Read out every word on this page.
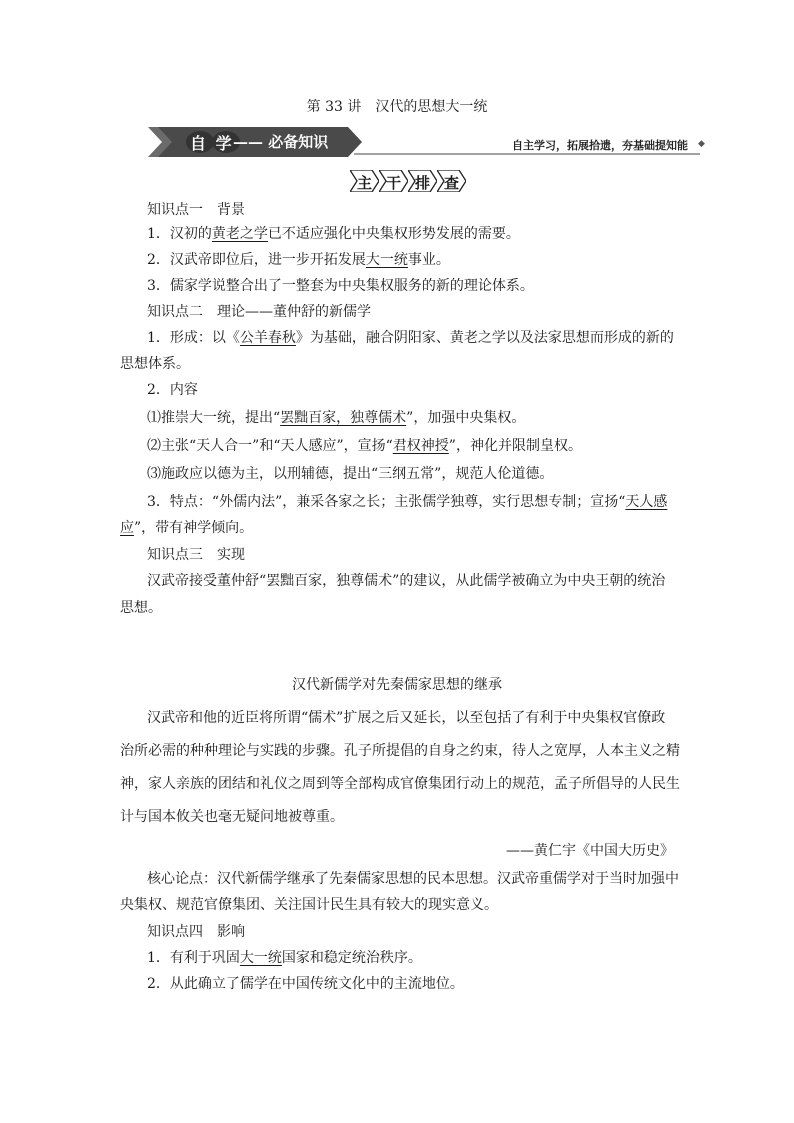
第 33 讲　汉代的思想大一统
自 学 —— 必备知识	自主学习，拓展拾遗，夯基础提知能 ◆
主 干 排 查
知识点一　背景
1．汉初的黄老之学已不适应强化中央集权形势发展的需要。
2．汉武帝即位后，进一步开拓发展大一统事业。
3．儒家学说整合出了一整套为中央集权服务的新的理论体系。
知识点二　理论——董仲舒的新儒学
1．形成：以《公羊春秋》为基础，融合阴阳家、黄老之学以及法家思想而形成的新的
思想体系。
2．内容
⑴推崇大一统，提出“罢黜百家，独尊儒术”，加强中央集权。
⑵主张“天人合一”和“天人感应”，宣扬“君权神授”，神化并限制皇权。
⑶施政应以德为主，以刑辅德，提出“三纲五常”，规范人伦道德。
3．特点：“外儒内法”，兼采各家之长；主张儒学独尊，实行思想专制；宣扬“天人感
应”，带有神学倾向。
知识点三　实现
汉武帝接受董仲舒“罢黜百家，独尊儒术”的建议，从此儒学被确立为中央王朝的统治
思想。
汉代新儒学对先秦儒家思想的继承
汉武帝和他的近臣将所谓“儒术”扩展之后又延长，以至包括了有利于中央集权官僚政
治所必需的种种理论与实践的步骤。孔子所提倡的自身之约束，待人之宽厚，人本主义之精
神，家人亲族的团结和礼仪之周到等全部构成官僚集团行动上的规范，孟子所倡导的人民生
计与国本攸关也毫无疑问地被尊重。
——黄仁宇《中国大历史》
核心论点：汉代新儒学继承了先秦儒家思想的民本思想。汉武帝重儒学对于当时加强中
央集权、规范官僚集团、关注国计民生具有较大的现实意义。
知识点四　影响
1．有利于巩固大一统国家和稳定统治秩序。
2．从此确立了儒学在中国传统文化中的主流地位。
